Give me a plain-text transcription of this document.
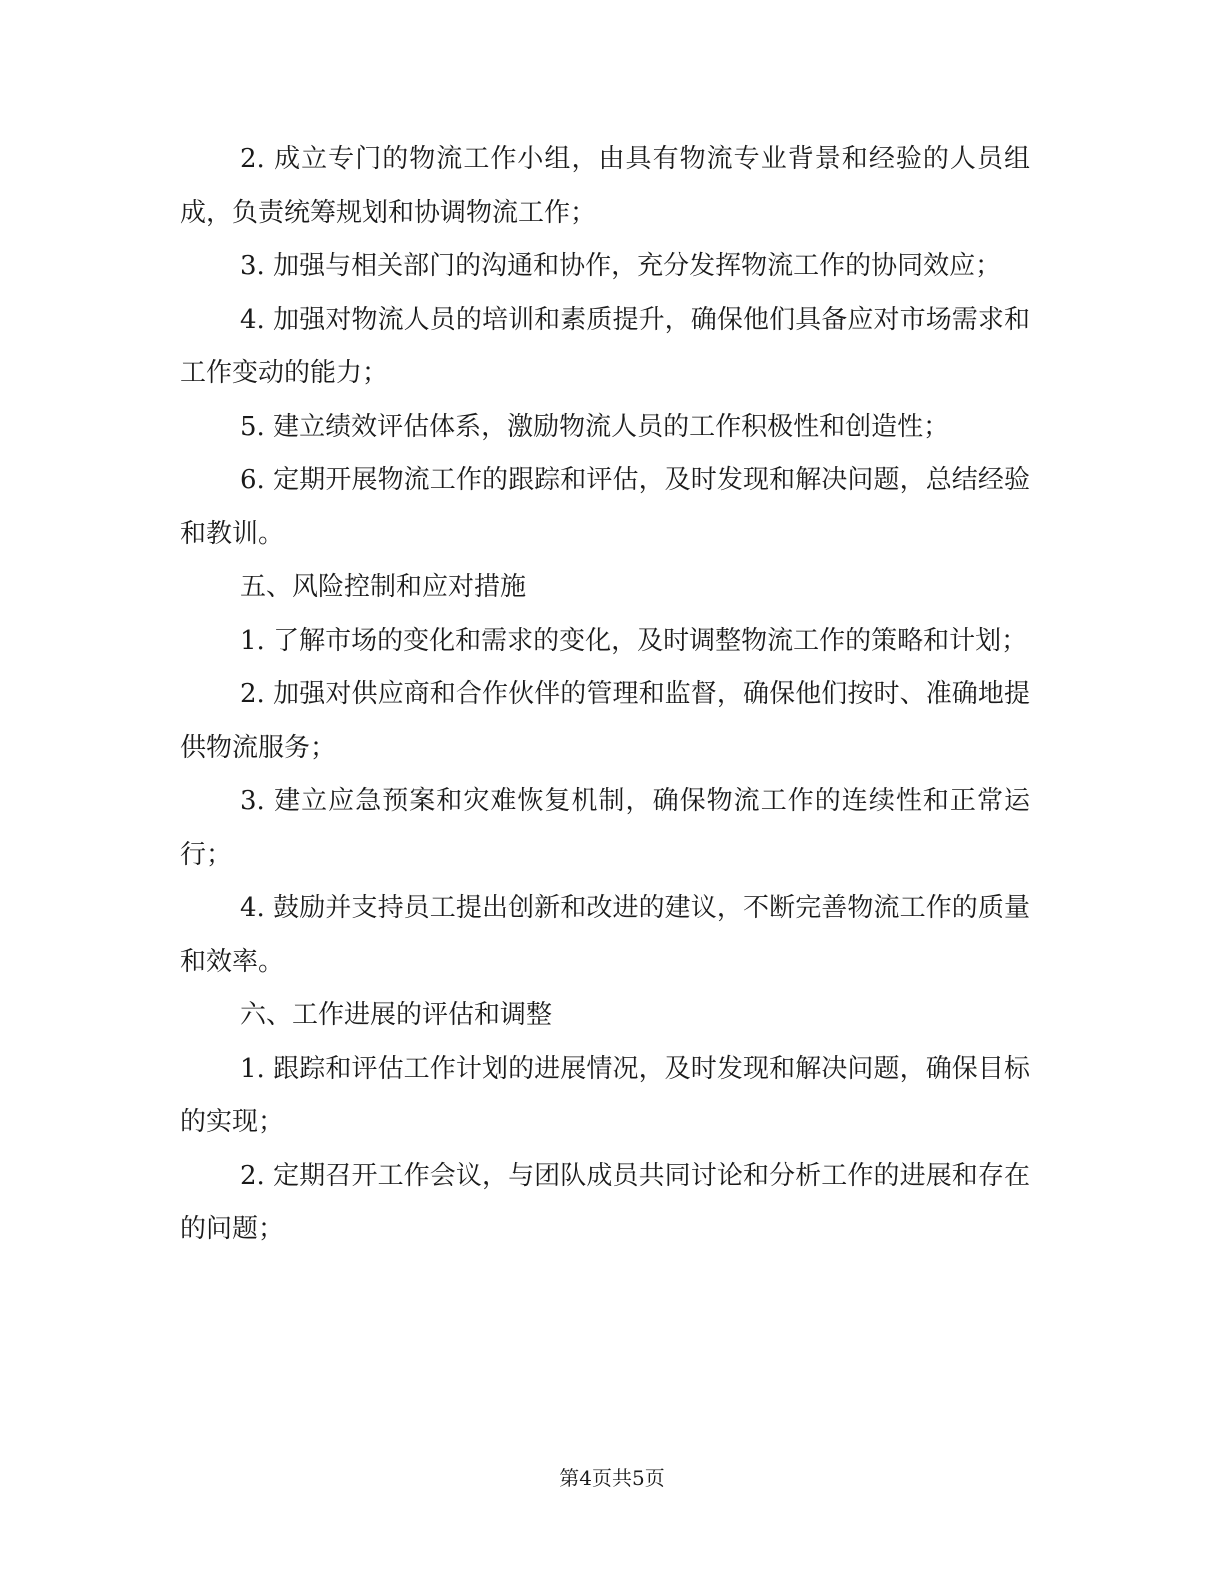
2. 成立专门的物流工作小组，由具有物流专业背景和经验的人员组成，负责统筹规划和协调物流工作；

3. 加强与相关部门的沟通和协作，充分发挥物流工作的协同效应；

4. 加强对物流人员的培训和素质提升，确保他们具备应对市场需求和工作变动的能力；

5. 建立绩效评估体系，激励物流人员的工作积极性和创造性；

6. 定期开展物流工作的跟踪和评估，及时发现和解决问题，总结经验和教训。

五、风险控制和应对措施

1. 了解市场的变化和需求的变化，及时调整物流工作的策略和计划；

2. 加强对供应商和合作伙伴的管理和监督，确保他们按时、准确地提供物流服务；

3. 建立应急预案和灾难恢复机制，确保物流工作的连续性和正常运行；

4. 鼓励并支持员工提出创新和改进的建议，不断完善物流工作的质量和效率。

六、工作进展的评估和调整

1. 跟踪和评估工作计划的进展情况，及时发现和解决问题，确保目标的实现；

2. 定期召开工作会议，与团队成员共同讨论和分析工作的进展和存在的问题；

第4页共5页
